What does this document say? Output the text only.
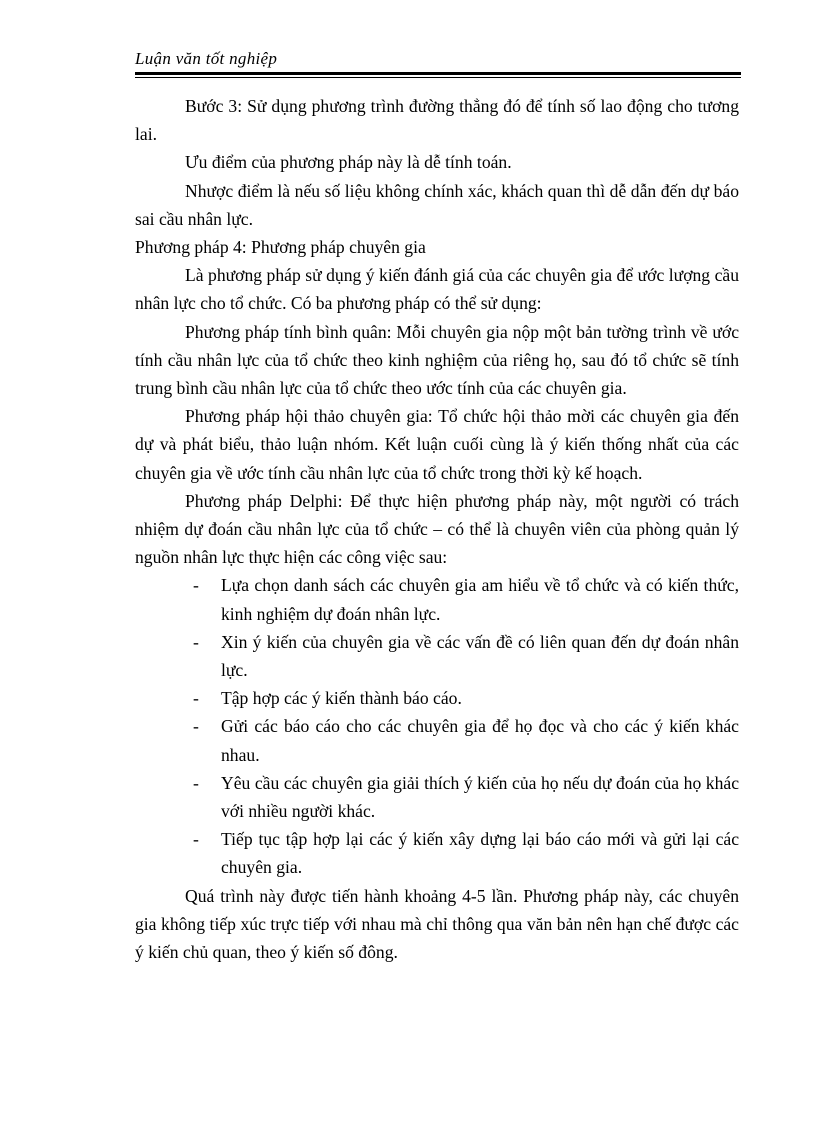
Luận văn tốt nghiệp

Bước 3: Sử dụng phương trình đường thẳng đó để tính số lao động cho tương lai.

Ưu điểm của phương pháp này là dễ tính toán.

Nhược điểm là nếu số liệu không chính xác, khách quan thì dễ dẫn đến dự báo sai cầu nhân lực.

Phương pháp 4: Phương pháp chuyên gia

Là phương pháp sử dụng ý kiến đánh giá của các chuyên gia để ước lượng cầu nhân lực cho tổ chức. Có ba phương pháp có thể sử dụng:

Phương pháp tính bình quân: Mỗi chuyên gia nộp một bản tường trình về ước tính cầu nhân lực của tổ chức theo kinh nghiệm của riêng họ, sau đó tổ chức sẽ tính trung bình cầu nhân lực của tổ chức theo ước tính của các chuyên gia.

Phương pháp hội thảo chuyên gia: Tổ chức hội thảo mời các chuyên gia đến dự và phát biểu, thảo luận nhóm. Kết luận cuối cùng là ý kiến thống nhất của các chuyên gia về ước tính cầu nhân lực của tổ chức trong thời kỳ kế hoạch.

Phương pháp Delphi: Để thực hiện phương pháp này, một người có trách nhiệm dự đoán cầu nhân lực của tổ chức – có thể là chuyên viên của phòng quản lý nguồn nhân lực thực hiện các công việc sau:

- Lựa chọn danh sách các chuyên gia am hiểu về tổ chức và có kiến thức, kinh nghiệm dự đoán nhân lực.
- Xin ý kiến của chuyên gia về các vấn đề có liên quan đến dự đoán nhân lực.
- Tập hợp các ý kiến thành báo cáo.
- Gửi các báo cáo cho các chuyên gia để họ đọc và cho các ý kiến khác nhau.
- Yêu cầu các chuyên gia giải thích ý kiến của họ nếu dự đoán của họ khác với nhiều người khác.
- Tiếp tục tập hợp lại các ý kiến xây dựng lại báo cáo mới và gửi lại các chuyên gia.

Quá trình này được tiến hành khoảng 4-5 lần. Phương pháp này, các chuyên gia không tiếp xúc trực tiếp với nhau mà chỉ thông qua văn bản nên hạn chế được các ý kiến chủ quan, theo ý kiến số đông.
